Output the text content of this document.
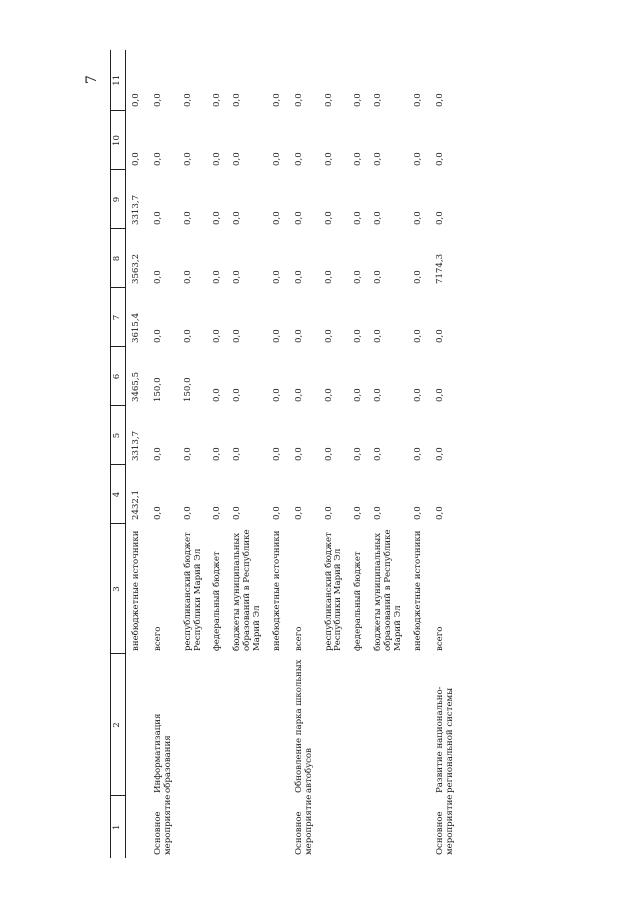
7
1	2	3	4	5	6	7	8	9	10	11
		внебюджетные источники	2432,1	3313,7	3465,5	3615,4	3563,2	3313,7	0,0	0,0
Основное мероприятие	Информатизация образования	всего	0,0	0,0	150,0	0,0	0,0	0,0	0,0	0,0
		республиканский бюджет Республики Марий Эл	0,0	0,0	150,0	0,0	0,0	0,0	0,0	0,0
		федеральный бюджет	0,0	0,0	0,0	0,0	0,0	0,0	0,0	0,0
		бюджеты муниципальных образований в Республике Марий Эл	0,0	0,0	0,0	0,0	0,0	0,0	0,0	0,0
		внебюджетные источники	0,0	0,0	0,0	0,0	0,0	0,0	0,0	0,0
Основное мероприятие	Обновление парка школьных автобусов	всего	0,0	0,0	0,0	0,0	0,0	0,0	0,0	0,0
		республиканский бюджет Республики Марий Эл	0,0	0,0	0,0	0,0	0,0	0,0	0,0	0,0
		федеральный бюджет	0,0	0,0	0,0	0,0	0,0	0,0	0,0	0,0
		бюджеты муниципальных образований в Республике Марий Эл	0,0	0,0	0,0	0,0	0,0	0,0	0,0	0,0
		внебюджетные источники	0,0	0,0	0,0	0,0	0,0	0,0	0,0	0,0
Основное мероприятие	Развитие национально-региональной системы	всего	0,0	0,0	0,0	0,0	7174,3	0,0	0,0	0,0
